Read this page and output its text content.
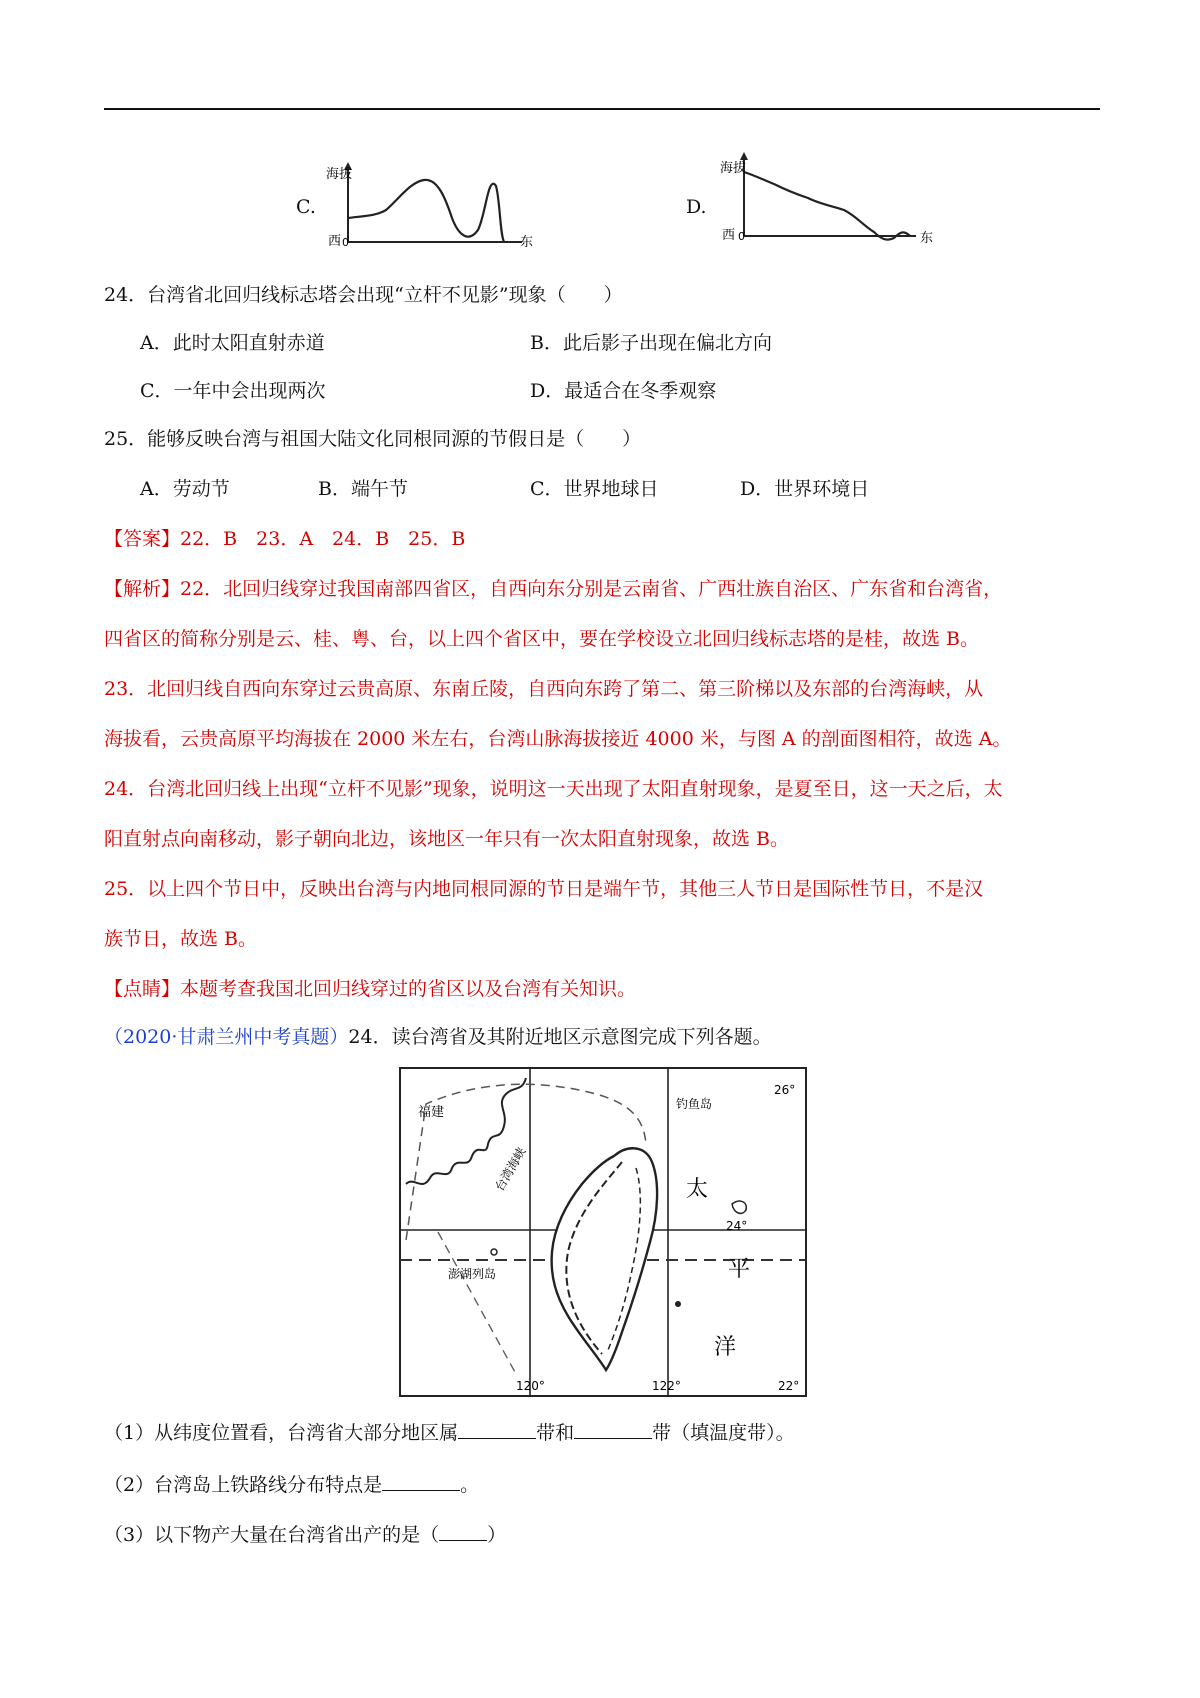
C.
海拔
西 0	东
D.
海拔
西 0	东
24．台湾省北回归线标志塔会出现“立杆不见影”现象（　　）
A．此时太阳直射赤道	B．此后影子出现在偏北方向
C．一年中会出现两次	D．最适合在冬季观察
25．能够反映台湾与祖国大陆文化同根同源的节假日是（　　）
A．劳动节	B．端午节	C．世界地球日	D．世界环境日
【答案】22．B　23．A　24．B　25．B
【解析】22．北回归线穿过我国南部四省区，自西向东分别是云南省、广西壮族自治区、广东省和台湾省，
四省区的简称分别是云、桂、粤、台，以上四个省区中，要在学校设立北回归线标志塔的是桂，故选 B。
23．北回归线自西向东穿过云贵高原、东南丘陵，自西向东跨了第二、第三阶梯以及东部的台湾海峡，从
海拔看，云贵高原平均海拔在 2000 米左右，台湾山脉海拔接近 4000 米，与图 A 的剖面图相符，故选 A。
24．台湾北回归线上出现“立杆不见影”现象，说明这一天出现了太阳直射现象，是夏至日，这一天之后，太
阳直射点向南移动，影子朝向北边，该地区一年只有一次太阳直射现象，故选 B。
25．以上四个节日中，反映出台湾与内地同根同源的节日是端午节，其他三人节日是国际性节日，不是汉
族节日，故选 B。
【点睛】本题考查我国北回归线穿过的省区以及台湾有关知识。
（2020·甘肃兰州中考真题）24．读台湾省及其附近地区示意图完成下列各题。
福建
台湾海峡
澎湖列岛
钓鱼岛
26°
24°
22°
120°	122°
太
平
洋
（1）从纬度位置看，台湾省大部分地区属	带和	带（填温度带）。
（2）台湾岛上铁路线分布特点是	。
（3）以下物产大量在台湾省出产的是（	）
